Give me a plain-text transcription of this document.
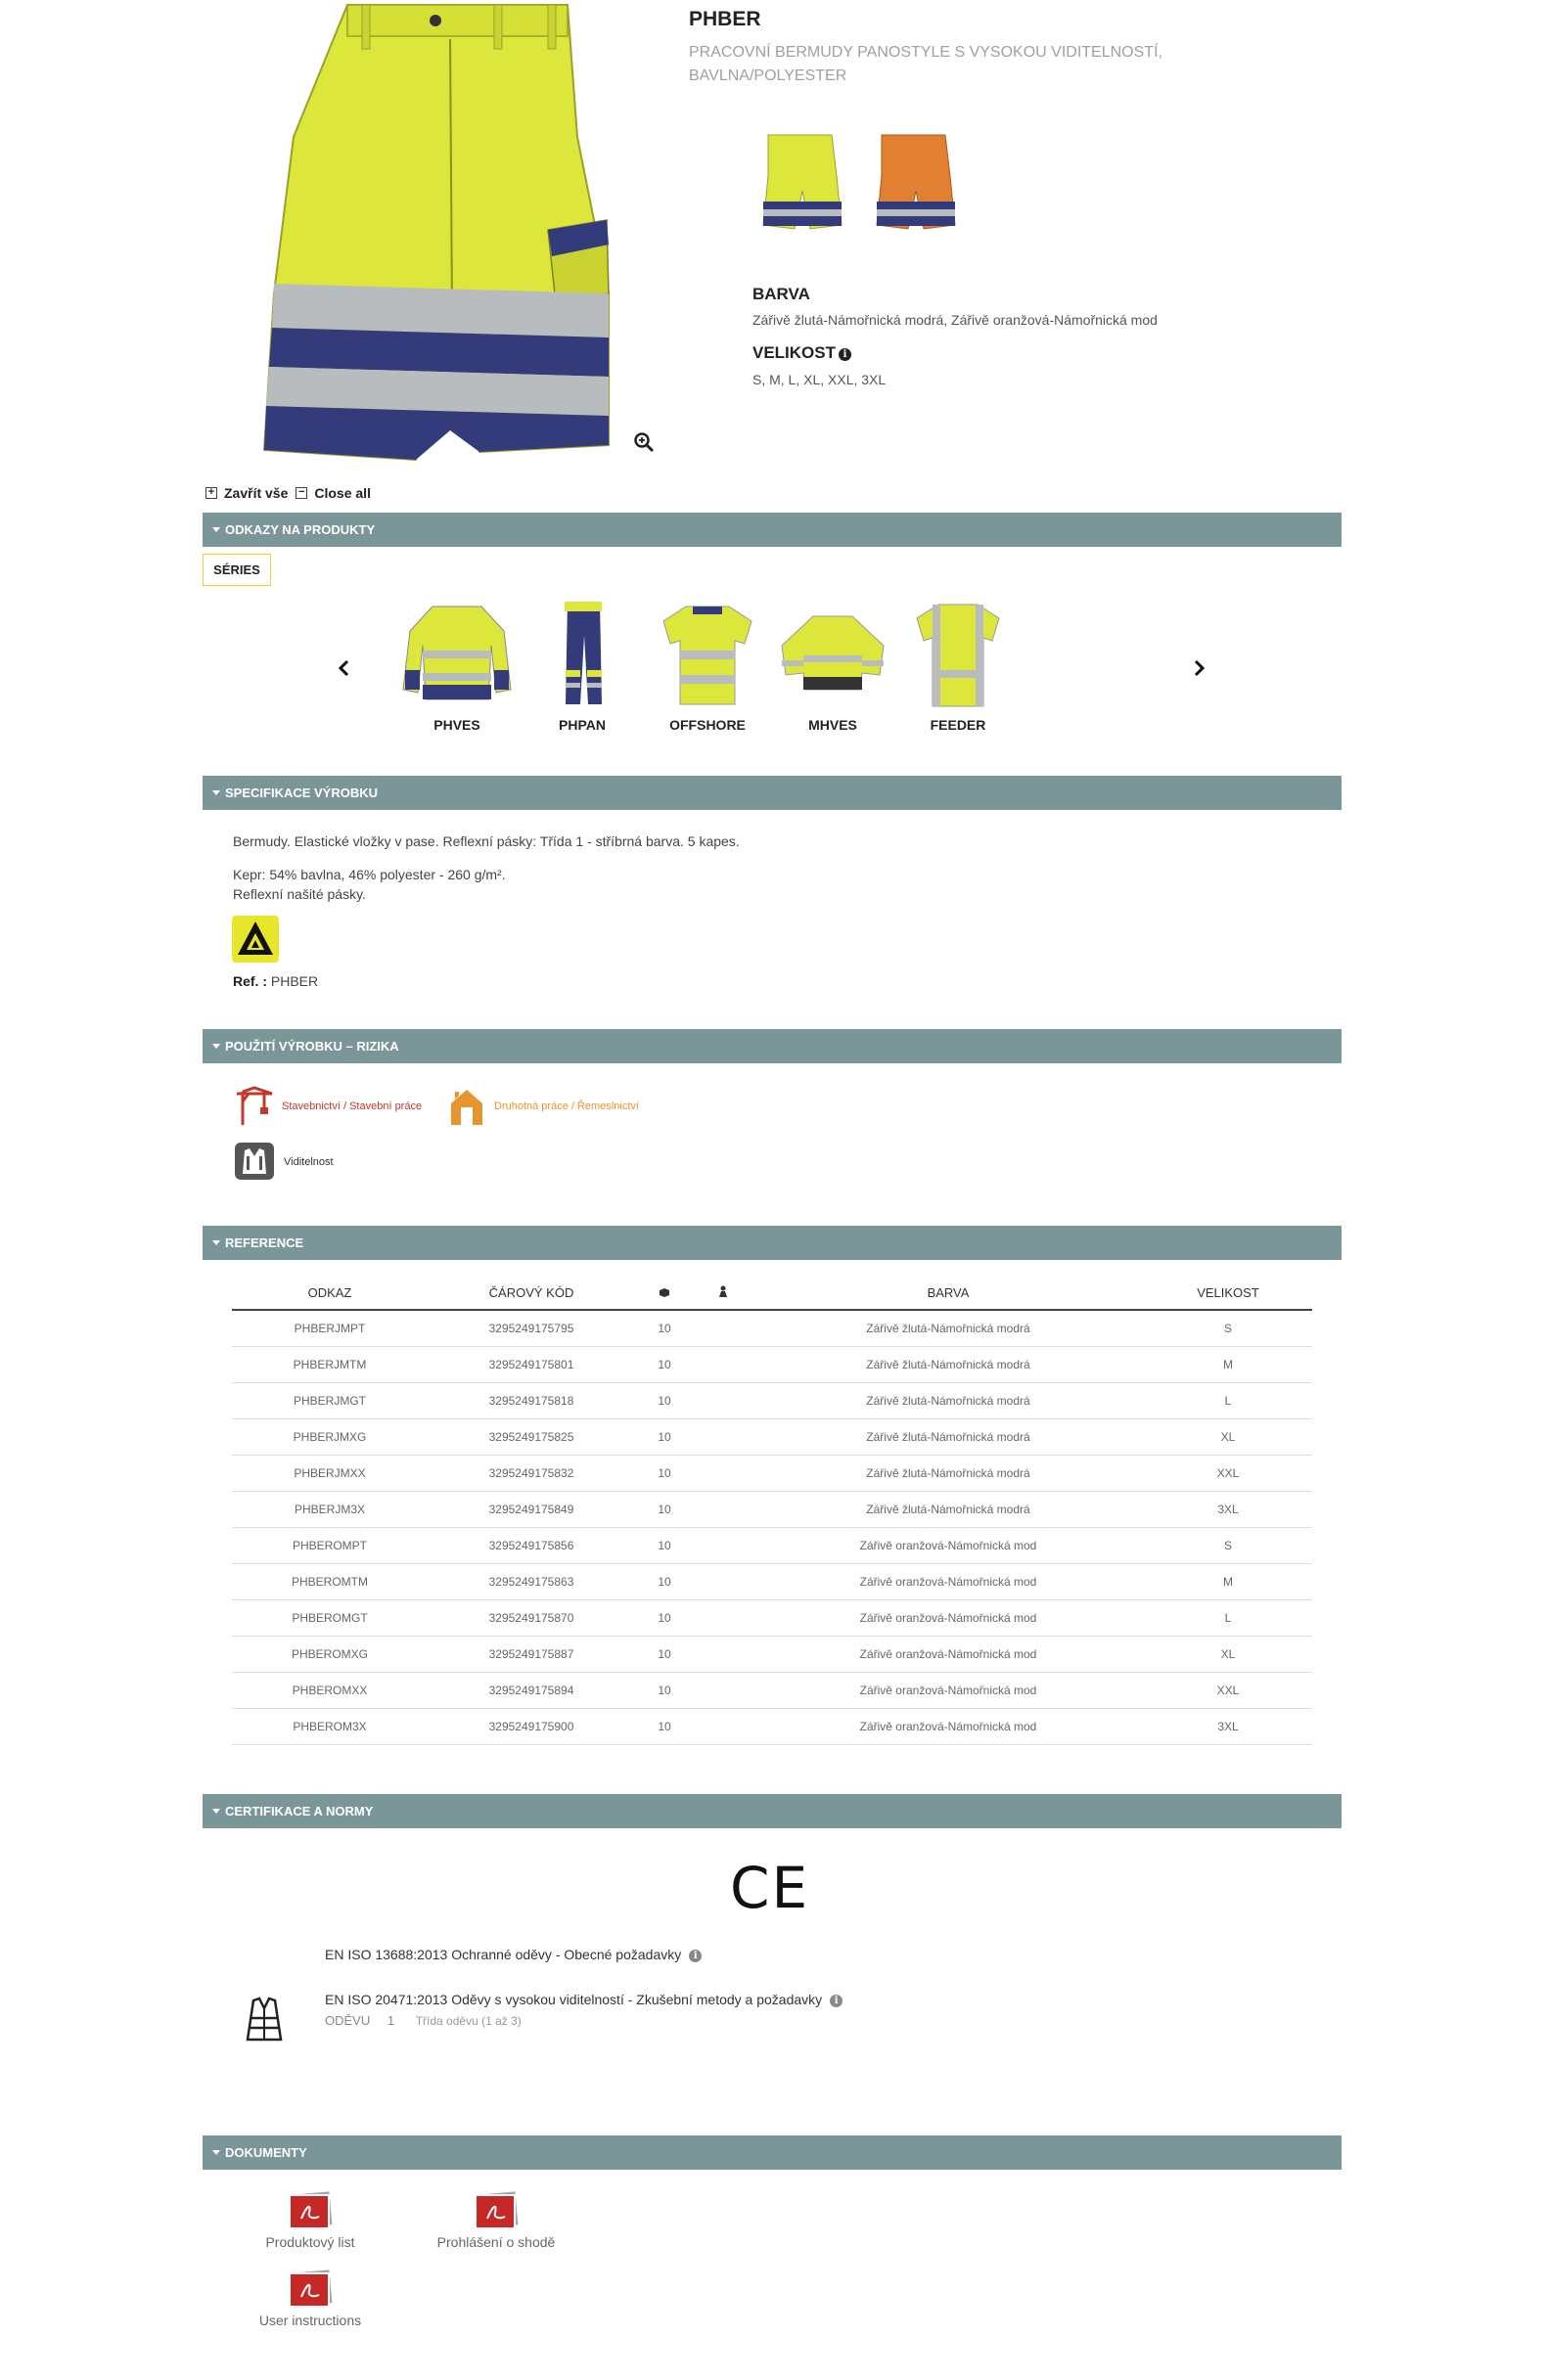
PHBER
PRACOVNÍ BERMUDY PANOSTYLE S VYSOKOU VIDITELNOSTÍ, BAVLNA/POLYESTER
BARVA
Zářivě žlutá-Námořnická modrá, Zářivě oranžová-Námořnická mod
VELIKOST i
S, M, L, XL, XXL, 3XL
+ Zavřít vše − Close all
ODKAZY NA PRODUKTY
SÉRIES
PHVES	PHPAN	OFFSHORE	MHVES	FEEDER
SPECIFIKACE VÝROBKU
Bermudy. Elastické vložky v pase. Reflexní pásky: Třída 1 - stříbrná barva. 5 kapes.
Kepr: 54% bavlna, 46% polyester - 260 g/m².
Reflexní našité pásky.
Ref. : PHBER
POUŽITÍ VÝROBKU – RIZIKA
Stavebnictví / Stavební práce	Druhotná práce / Řemeslnictví
Viditelnost
REFERENCE
ODKAZ	ČÁROVÝ KÓD			BARVA	VELIKOST
PHBERJMPT	3295249175795	10		Zářivě žlutá-Námořnická modrá	S
PHBERJMTM	3295249175801	10		Zářivě žlutá-Námořnická modrá	M
PHBERJMGT	3295249175818	10		Zářivě žlutá-Námořnická modrá	L
PHBERJMXG	3295249175825	10		Zářivě žlutá-Námořnická modrá	XL
PHBERJMXX	3295249175832	10		Zářivě žlutá-Námořnická modrá	XXL
PHBERJM3X	3295249175849	10		Zářivě žlutá-Námořnická modrá	3XL
PHBEROMPT	3295249175856	10		Zářivě oranžová-Námořnická mod	S
PHBEROMTM	3295249175863	10		Zářivě oranžová-Námořnická mod	M
PHBEROMGT	3295249175870	10		Zářivě oranžová-Námořnická mod	L
PHBEROMXG	3295249175887	10		Zářivě oranžová-Námořnická mod	XL
PHBEROMXX	3295249175894	10		Zářivě oranžová-Námořnická mod	XXL
PHBEROM3X	3295249175900	10		Zářivě oranžová-Námořnická mod	3XL
CERTIFIKACE A NORMY
CE
EN ISO 13688:2013 Ochranné oděvy - Obecné požadavky i
EN ISO 20471:2013 Oděvy s vysokou viditelností - Zkušební metody a požadavky i
ODĚVU 1 Třída oděvu (1 až 3)
DOKUMENTY
Produktový list	Prohlášení o shodě
User instructions
